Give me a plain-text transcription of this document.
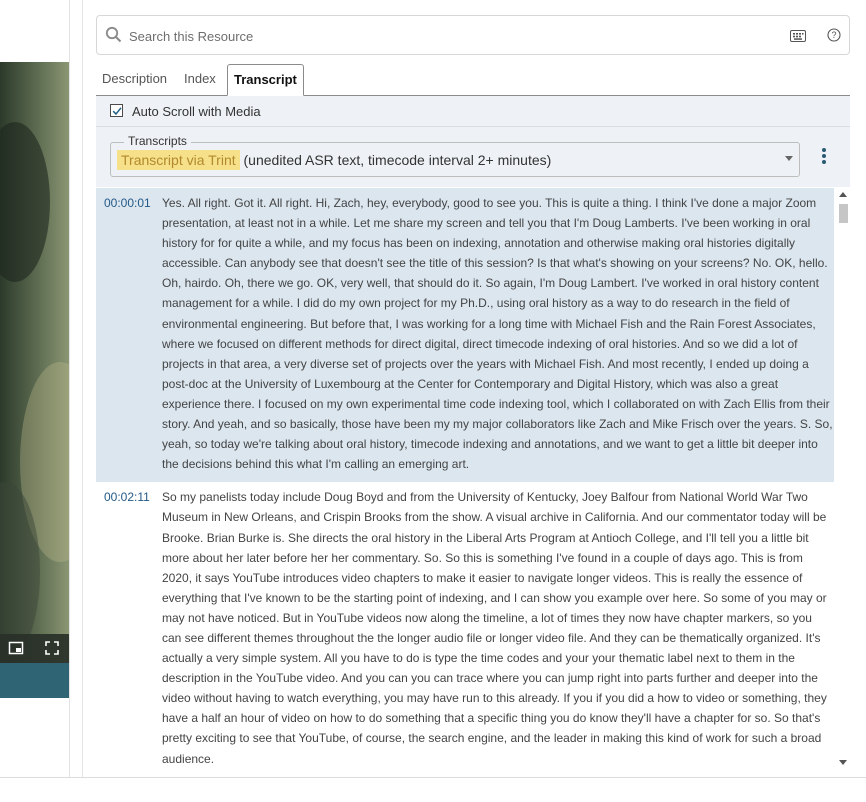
Search this Resource
?
Description	Index	Transcript
Auto Scroll with Media
Transcript via Trint (unedited ASR text, timecode interval 2+ minutes)
Transcripts
00:00:01 Yes. All right. Got it. All right. Hi, Zach, hey, everybody, good to see you. This is quite a thing. I think I've done a major Zoom presentation, at least not in a while. Let me share my screen and tell you that I'm Doug Lamberts. I've been working in oral history for for quite a while, and my focus has been on indexing, annotation and otherwise making oral histories digitally accessible. Can anybody see that doesn't see the title of this session? Is that what's showing on your screens? No. OK, hello. Oh, hairdo. Oh, there we go. OK, very well, that should do it. So again, I'm Doug Lambert. I've worked in oral history content management for a while. I did do my own project for my Ph.D., using oral history as a way to do research in the field of environmental engineering. But before that, I was working for a long time with Michael Fish and the Rain Forest Associates, where we focused on different methods for direct digital, direct timecode indexing of oral histories. And so we did a lot of projects in that area, a very diverse set of projects over the years with Michael Fish. And most recently, I ended up doing a post-doc at the University of Luxembourg at the Center for Contemporary and Digital History, which was also a great experience there. I focused on my own experimental time code indexing tool, which I collaborated on with Zach Ellis from their story. And yeah, and so basically, those have been my my major collaborators like Zach and Mike Frisch over the years. S. So, yeah, so today we're talking about oral history, timecode indexing and annotations, and we want to get a little bit deeper into the decisions behind this what I'm calling an emerging art.
00:02:11 So my panelists today include Doug Boyd and from the University of Kentucky, Joey Balfour from National World War Two Museum in New Orleans, and Crispin Brooks from the show. A visual archive in California. And our commentator today will be Brooke. Brian Burke is. She directs the oral history in the Liberal Arts Program at Antioch College, and I'll tell you a little bit more about her later before her her commentary. So. So this is something I've found in a couple of days ago. This is from 2020, it says YouTube introduces video chapters to make it easier to navigate longer videos. This is really the essence of everything that I've known to be the starting point of indexing, and I can show you example over here. So some of you may or may not have noticed. But in YouTube videos now along the timeline, a lot of times they now have chapter markers, so you can see different themes throughout the the longer audio file or longer video file. And they can be thematically organized. It's actually a very simple system. All you have to do is type the time codes and your your thematic label next to them in the description in the YouTube video. And you can you can trace where you can jump right into parts further and deeper into the video without having to watch everything, you may have run to this already. If you if you did a how to video or something, they have a half an hour of video on how to do something that a specific thing you do know they'll have a chapter for so. So that's pretty exciting to see that YouTube, of course, the search engine, and the leader in making this kind of work for such a broad audience.
